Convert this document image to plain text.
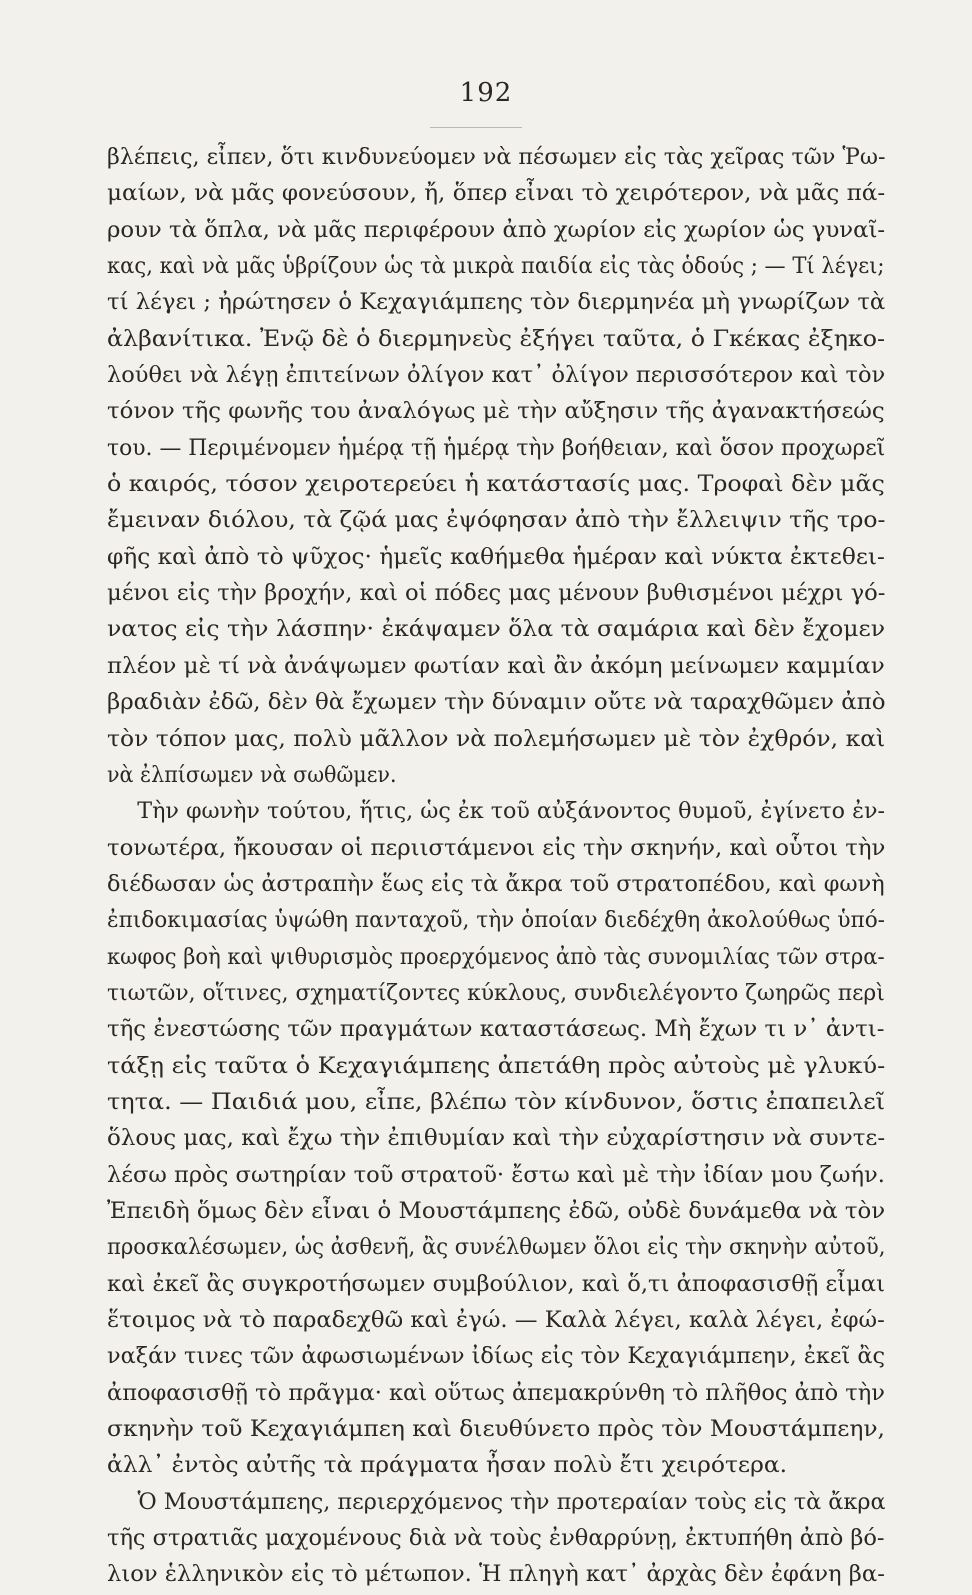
192
βλέπεις, εἶπεν, ὅτι κινδυνεύομεν νὰ πέσωμεν εἰς τὰς χεῖρας τῶν Ῥω-
μαίων, νὰ μᾶς φονεύσουν, ἤ, ὅπερ εἶναι τὸ χειρότερον, νὰ μᾶς πά-
ρουν τὰ ὅπλα, νὰ μᾶς περιφέρουν ἀπὸ χωρίον εἰς χωρίον ὡς γυναῖ-
κας, καὶ νὰ μᾶς ὑβρίζουν ὡς τὰ μικρὰ παιδία εἰς τὰς ὁδούς ; — Τί λέγει;
τί λέγει ; ἠρώτησεν ὁ Κεχαγιάμπεης τὸν διερμηνέα μὴ γνωρίζων τὰ
ἀλβανίτικα. Ἐνῷ δὲ ὁ διερμηνεὺς ἐξήγει ταῦτα, ὁ Γκέκας ἐξηκο-
λούθει νὰ λέγῃ ἐπιτείνων ὀλίγον κατ᾽ ὀλίγον περισσότερον καὶ τὸν
τόνον τῆς φωνῆς του ἀναλόγως μὲ τὴν αὔξησιν τῆς ἀγανακτήσεώς
του. — Περιμένομεν ἡμέρᾳ τῇ ἡμέρᾳ τὴν βοήθειαν, καὶ ὅσον προχωρεῖ
ὁ καιρός, τόσον χειροτερεύει ἡ κατάστασίς μας. Τροφαὶ δὲν μᾶς
ἔμειναν διόλου, τὰ ζῷά μας ἐψόφησαν ἀπὸ τὴν ἔλλειψιν τῆς τρο-
φῆς καὶ ἀπὸ τὸ ψῦχος· ἡμεῖς καθήμεθα ἡμέραν καὶ νύκτα ἐκτεθει-
μένοι εἰς τὴν βροχήν, καὶ οἱ πόδες μας μένουν βυθισμένοι μέχρι γό-
νατος εἰς τὴν λάσπην· ἐκάψαμεν ὅλα τὰ σαμάρια καὶ δὲν ἔχομεν
πλέον μὲ τί νὰ ἀνάψωμεν φωτίαν καὶ ἂν ἀκόμη μείνωμεν καμμίαν
βραδιὰν ἐδῶ, δὲν θὰ ἔχωμεν τὴν δύναμιν οὔτε νὰ ταραχθῶμεν ἀπὸ
τὸν τόπον μας, πολὺ μᾶλλον νὰ πολεμήσωμεν μὲ τὸν ἐχθρόν, καὶ
νὰ ἐλπίσωμεν νὰ σωθῶμεν.
Τὴν φωνὴν τούτου, ἥτις, ὡς ἐκ τοῦ αὐξάνοντος θυμοῦ, ἐγίνετο ἐν-
τονωτέρα, ἤκουσαν οἱ περιιστάμενοι εἰς τὴν σκηνήν, καὶ οὗτοι τὴν
διέδωσαν ὡς ἀστραπὴν ἕως εἰς τὰ ἄκρα τοῦ στρατοπέδου, καὶ φωνὴ
ἐπιδοκιμασίας ὑψώθη πανταχοῦ, τὴν ὁποίαν διεδέχθη ἀκολούθως ὑπό-
κωφος βοὴ καὶ ψιθυρισμὸς προερχόμενος ἀπὸ τὰς συνομιλίας τῶν στρα-
τιωτῶν, οἵτινες, σχηματίζοντες κύκλους, συνδιελέγοντο ζωηρῶς περὶ
τῆς ἐνεστώσης τῶν πραγμάτων καταστάσεως. Μὴ ἔχων τι ν᾽ ἀντι-
τάξῃ εἰς ταῦτα ὁ Κεχαγιάμπεης ἀπετάθη πρὸς αὐτοὺς μὲ γλυκύ-
τητα. — Παιδιά μου, εἶπε, βλέπω τὸν κίνδυνον, ὅστις ἐπαπειλεῖ
ὅλους μας, καὶ ἔχω τὴν ἐπιθυμίαν καὶ τὴν εὐχαρίστησιν νὰ συντε-
λέσω πρὸς σωτηρίαν τοῦ στρατοῦ· ἔστω καὶ μὲ τὴν ἰδίαν μου ζωήν.
Ἐπειδὴ ὅμως δὲν εἶναι ὁ Μουστάμπεης ἐδῶ, οὐδὲ δυνάμεθα νὰ τὸν
προσκαλέσωμεν, ὡς ἀσθενῆ, ἂς συνέλθωμεν ὅλοι εἰς τὴν σκηνὴν αὐτοῦ,
καὶ ἐκεῖ ἂς συγκροτήσωμεν συμβούλιον, καὶ ὅ,τι ἀποφασισθῇ εἶμαι
ἕτοιμος νὰ τὸ παραδεχθῶ καὶ ἐγώ. — Καλὰ λέγει, καλὰ λέγει, ἐφώ-
ναξάν τινες τῶν ἀφωσιωμένων ἰδίως εἰς τὸν Κεχαγιάμπεην, ἐκεῖ ἂς
ἀποφασισθῇ τὸ πρᾶγμα· καὶ οὕτως ἀπεμακρύνθη τὸ πλῆθος ἀπὸ τὴν
σκηνὴν τοῦ Κεχαγιάμπεη καὶ διευθύνετο πρὸς τὸν Μουστάμπεην,
ἀλλ᾽ ἐντὸς αὐτῆς τὰ πράγματα ἦσαν πολὺ ἔτι χειρότερα.
Ὁ Μουστάμπεης, περιερχόμενος τὴν προτεραίαν τοὺς εἰς τὰ ἄκρα
τῆς στρατιᾶς μαχομένους διὰ νὰ τοὺς ἐνθαρρύνῃ, ἐκτυπήθη ἀπὸ βό-
λιον ἑλληνικὸν εἰς τὸ μέτωπον. Ἡ πληγὴ κατ᾽ ἀρχὰς δὲν ἐφάνη βα-
